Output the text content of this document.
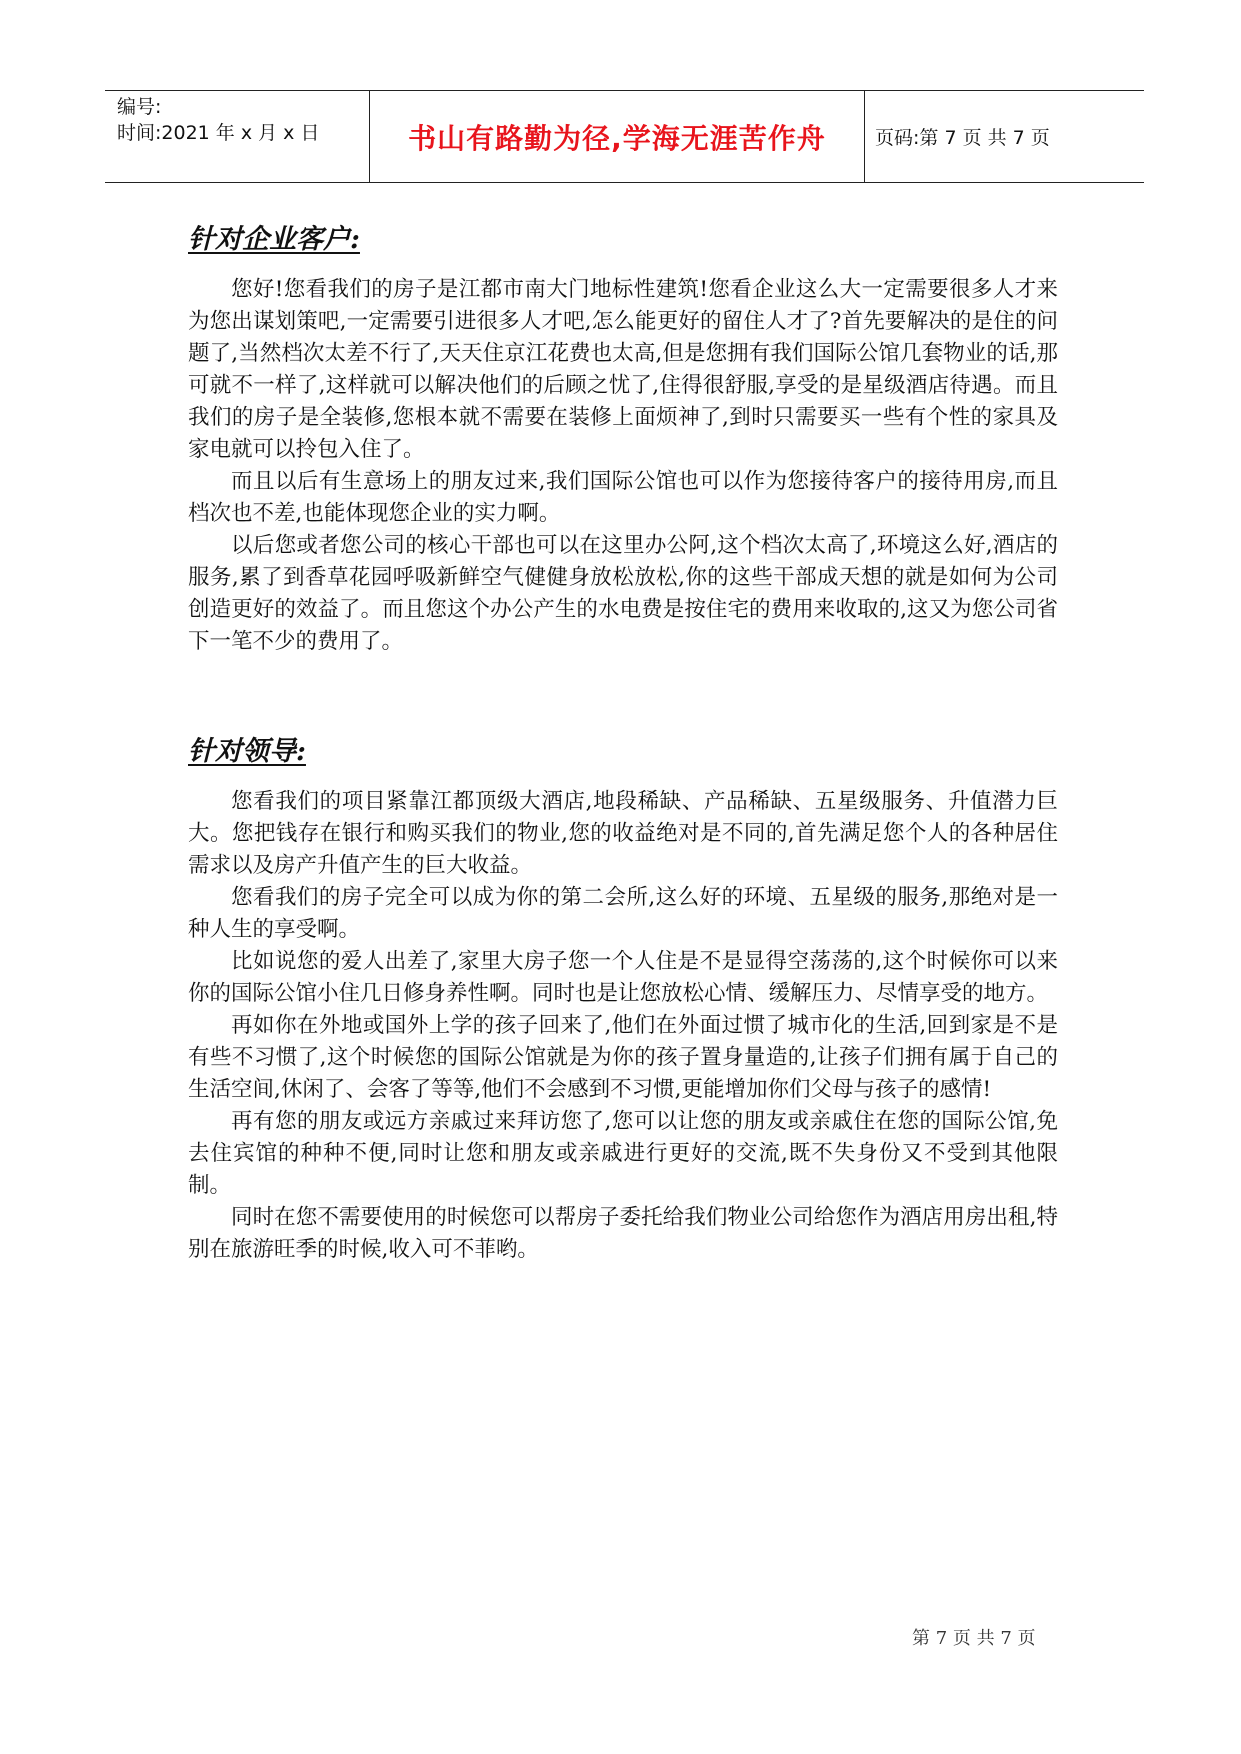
编号:
时间:2021 年 x 月 x 日	书山有路勤为径,学海无涯苦作舟	页码:第 7 页 共 7 页
针对企业客户:

您好!您看我们的房子是江都市南大门地标性建筑!您看企业这么大一定需要很多人才来为您出谋划策吧,一定需要引进很多人才吧,怎么能更好的留住人才了?首先要解决的是住的问题了,当然档次太差不行了,天天住京江花费也太高,但是您拥有我们国际公馆几套物业的话,那可就不一样了,这样就可以解决他们的后顾之忧了,住得很舒服,享受的是星级酒店待遇。而且我们的房子是全装修,您根本就不需要在装修上面烦神了,到时只需要买一些有个性的家具及家电就可以拎包入住了。

而且以后有生意场上的朋友过来,我们国际公馆也可以作为您接待客户的接待用房,而且档次也不差,也能体现您企业的实力啊。

以后您或者您公司的核心干部也可以在这里办公阿,这个档次太高了,环境这么好,酒店的服务,累了到香草花园呼吸新鲜空气健健身放松放松,你的这些干部成天想的就是如何为公司创造更好的效益了。而且您这个办公产生的水电费是按住宅的费用来收取的,这又为您公司省下一笔不少的费用了。

针对领导:

您看我们的项目紧靠江都顶级大酒店,地段稀缺、产品稀缺、五星级服务、升值潜力巨大。您把钱存在银行和购买我们的物业,您的收益绝对是不同的,首先满足您个人的各种居住需求以及房产升值产生的巨大收益。

您看我们的房子完全可以成为你的第二会所,这么好的环境、五星级的服务,那绝对是一种人生的享受啊。

比如说您的爱人出差了,家里大房子您一个人住是不是显得空荡荡的,这个时候你可以来你的国际公馆小住几日修身养性啊。同时也是让您放松心情、缓解压力、尽情享受的地方。

再如你在外地或国外上学的孩子回来了,他们在外面过惯了城市化的生活,回到家是不是有些不习惯了,这个时候您的国际公馆就是为你的孩子置身量造的,让孩子们拥有属于自己的生活空间,休闲了、会客了等等,他们不会感到不习惯,更能增加你们父母与孩子的感情!

再有您的朋友或远方亲戚过来拜访您了,您可以让您的朋友或亲戚住在您的国际公馆,免去住宾馆的种种不便,同时让您和朋友或亲戚进行更好的交流,既不失身份又不受到其他限制。

同时在您不需要使用的时候您可以帮房子委托给我们物业公司给您作为酒店用房出租,特别在旅游旺季的时候,收入可不菲哟。

第 7 页 共 7 页
